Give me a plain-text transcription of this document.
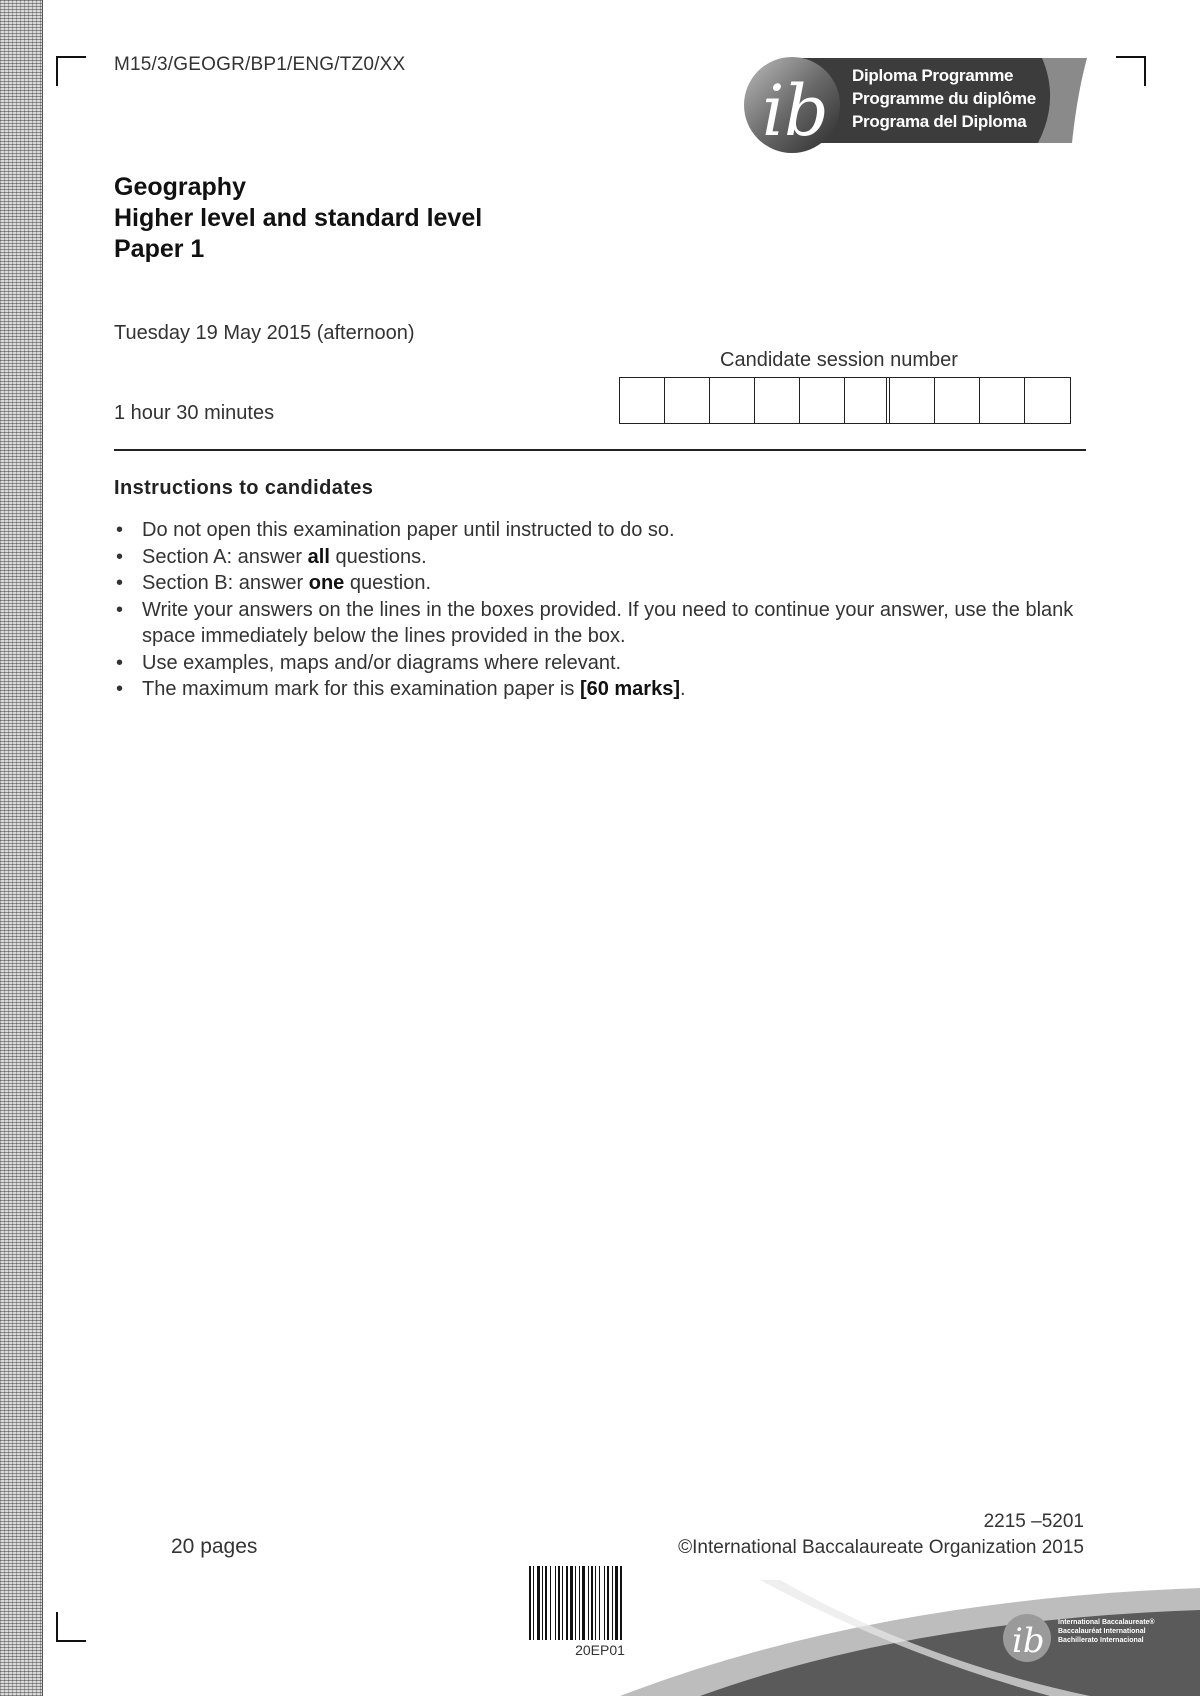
M15/3/GEOGR/BP1/ENG/TZ0/XX
i b Diploma Programme
Programme du diplôme
Programa del Diploma
Geography
Higher level and standard level
Paper 1
Tuesday 19 May 2015 (afternoon)
1 hour 30 minutes
Candidate session number
Instructions to candidates
• Do not open this examination paper until instructed to do so.
• Section A: answer all questions.
• Section B: answer one question.
• Write your answers on the lines in the boxes provided. If you need to continue your answer, use the blank space immediately below the lines provided in the box.
• Use examples, maps and/or diagrams where relevant.
• The maximum mark for this examination paper is [60 marks].
20 pages
2215 –5201
©International Baccalaureate Organization 2015
20EP01	ib International Baccalaureate®
Baccalauréat International
Bachillerato Internacional
